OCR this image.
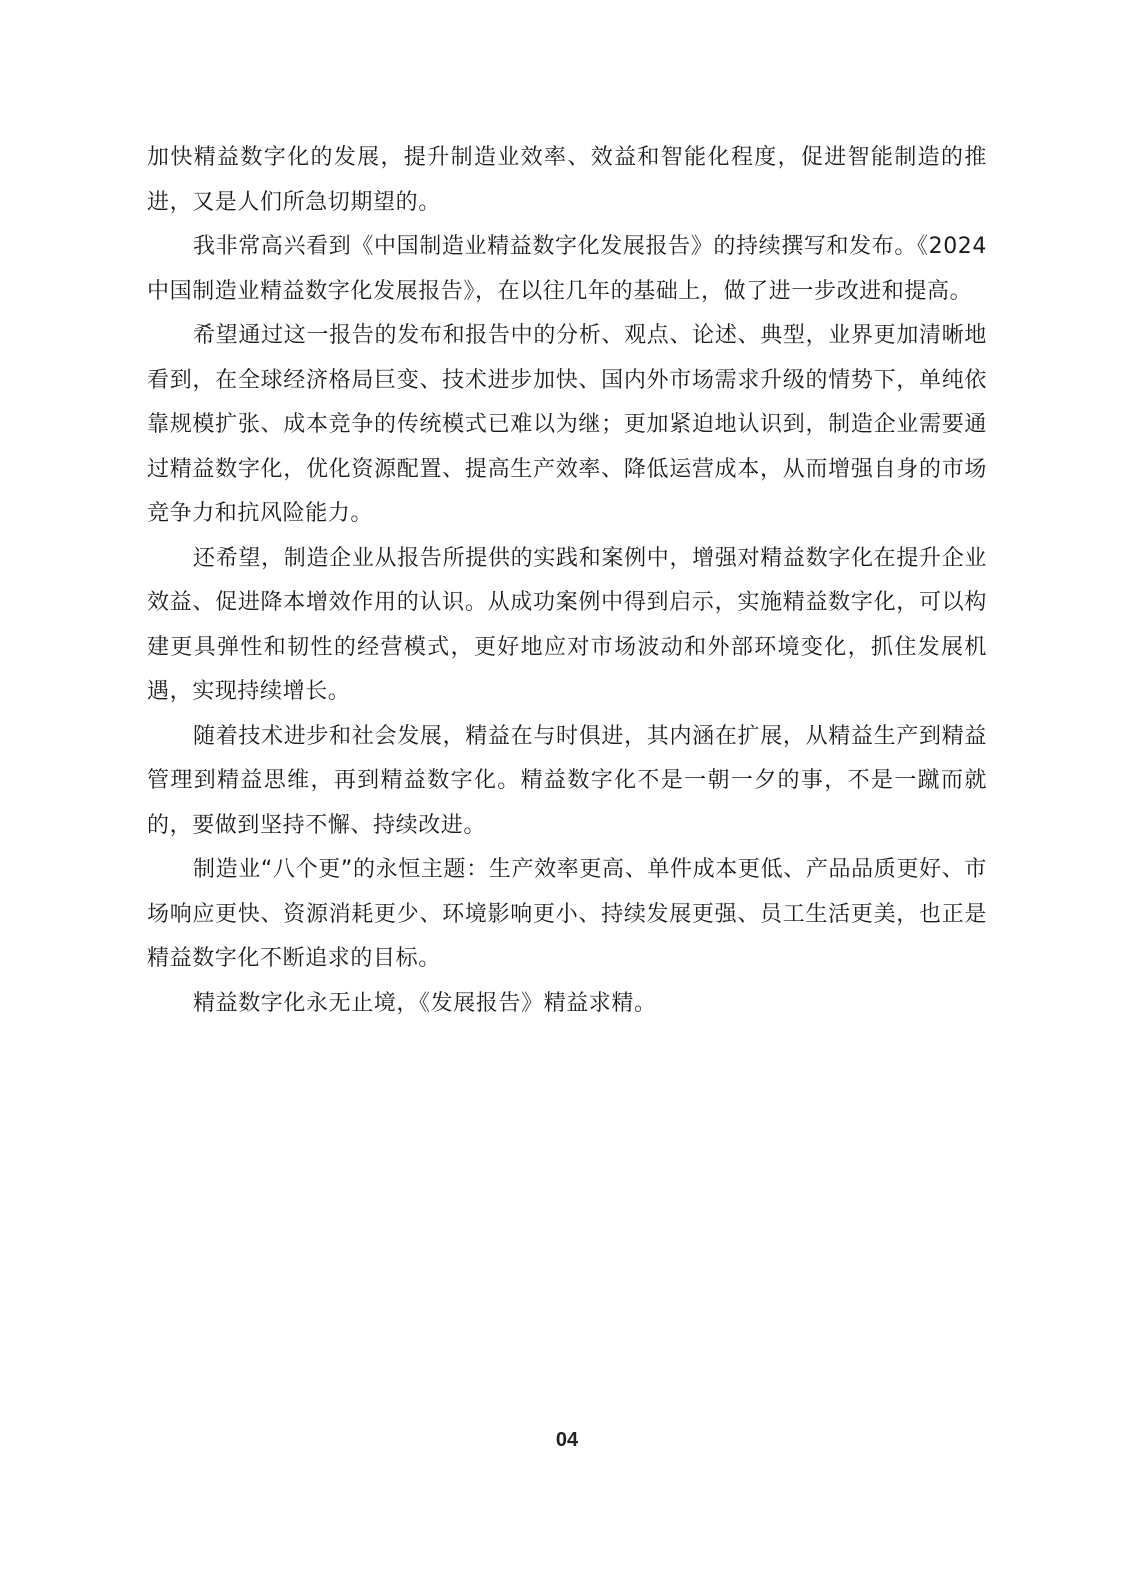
加快精益数字化的发展，提升制造业效率、效益和智能化程度，促进智能制造的推进，又是人们所急切期望的。

我非常高兴看到《中国制造业精益数字化发展报告》的持续撰写和发布。《2024中国制造业精益数字化发展报告》，在以往几年的基础上，做了进一步改进和提高。

希望通过这一报告的发布和报告中的分析、观点、论述、典型，业界更加清晰地看到，在全球经济格局巨变、技术进步加快、国内外市场需求升级的情势下，单纯依靠规模扩张、成本竞争的传统模式已难以为继；更加紧迫地认识到，制造企业需要通过精益数字化，优化资源配置、提高生产效率、降低运营成本，从而增强自身的市场竞争力和抗风险能力。

还希望，制造企业从报告所提供的实践和案例中，增强对精益数字化在提升企业效益、促进降本增效作用的认识。从成功案例中得到启示，实施精益数字化，可以构建更具弹性和韧性的经营模式，更好地应对市场波动和外部环境变化，抓住发展机遇，实现持续增长。

随着技术进步和社会发展，精益在与时俱进，其内涵在扩展，从精益生产到精益管理到精益思维，再到精益数字化。精益数字化不是一朝一夕的事，不是一蹴而就的，要做到坚持不懈、持续改进。

制造业“八个更”的永恒主题：生产效率更高、单件成本更低、产品品质更好、市场响应更快、资源消耗更少、环境影响更小、持续发展更强、员工生活更美，也正是精益数字化不断追求的目标。

精益数字化永无止境，《发展报告》精益求精。

04
